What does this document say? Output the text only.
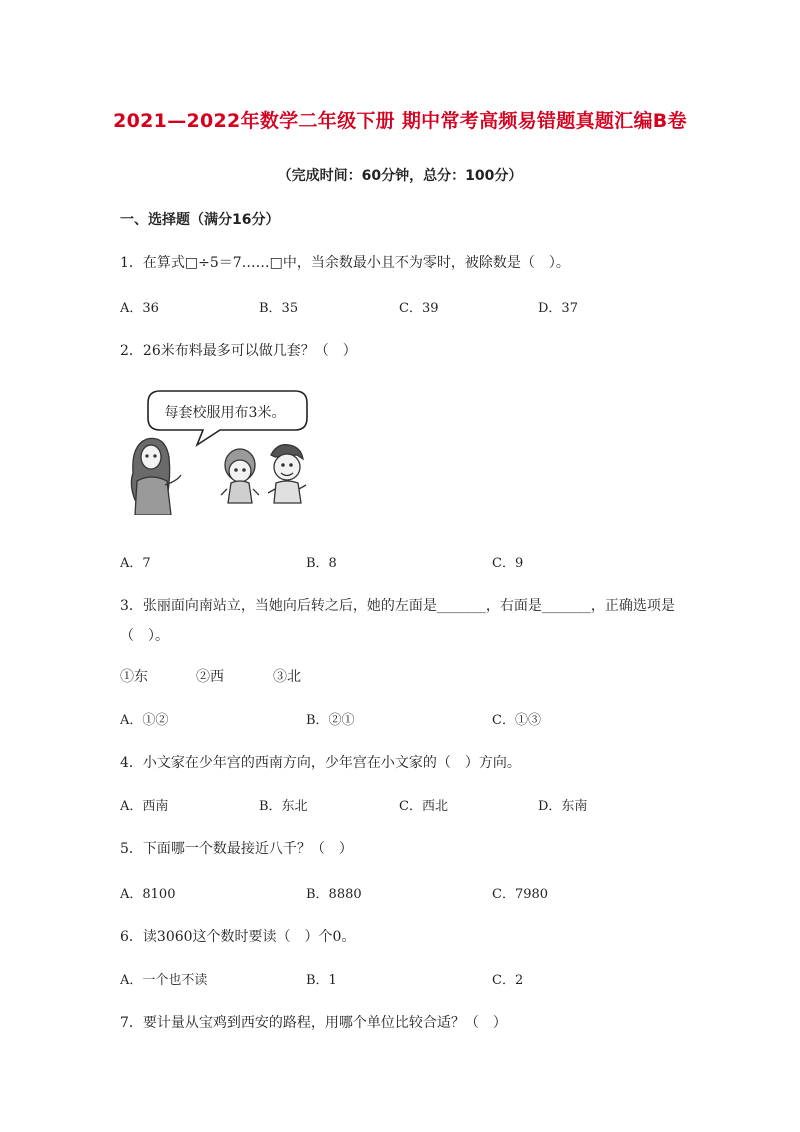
2021—2022年数学二年级下册 期中常考高频易错题真题汇编B卷
（完成时间：60分钟，总分：100分）
一、选择题（满分16分）
1．在算式□÷5＝7……□中，当余数最小且不为零时，被除数是（　）。
A．36	B．35	C．39	D．37
2．26米布料最多可以做几套？（　）
每套校服用布3米。
A．7	B．8	C．9
3．张丽面向南站立，当她向后转之后，她的左面是_______，右面是_______，正确选项是
（　）。
①东	②西	③北
A．①②	B．②①	C．①③
4．小文家在少年宫的西南方向，少年宫在小文家的（　）方向。
A．西南	B．东北	C．西北	D．东南
5．下面哪一个数最接近八千？（　）
A．8100	B．8880	C．7980
6．读3060这个数时要读（　）个0。
A．一个也不读	B．1	C．2
7．要计量从宝鸡到西安的路程，用哪个单位比较合适？（　）
